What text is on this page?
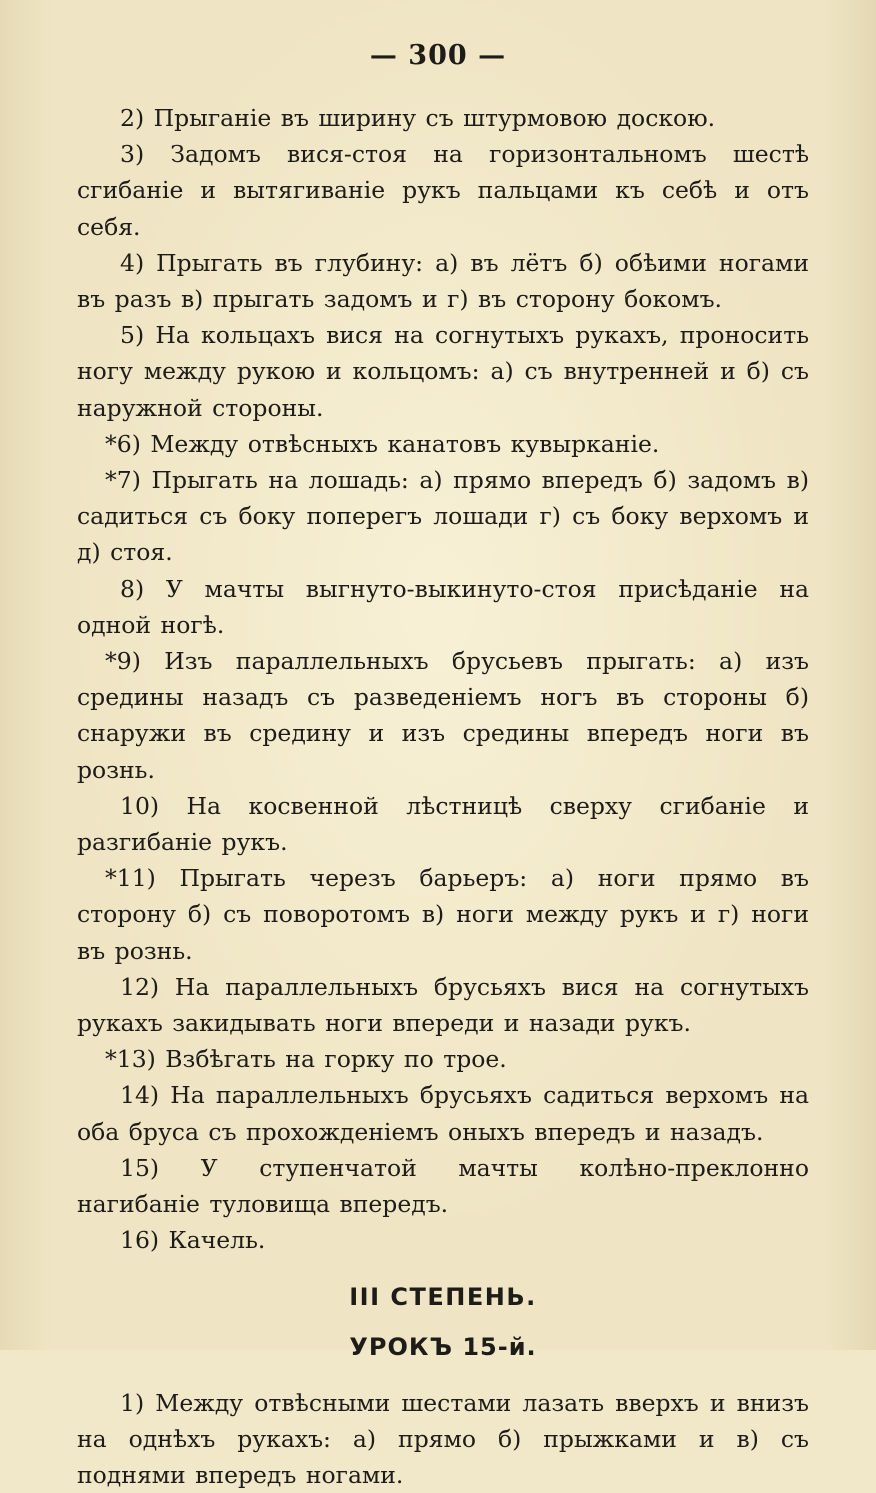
— 300 —

2) Прыганіе въ ширину съ штурмовою доскою.

3) Задомъ вися-стоя на горизонтальномъ шестѣ сгибаніе и вытягиваніе рукъ пальцами къ себѣ и отъ себя.

4) Прыгать въ глубину: а) въ лётъ б) обѣими ногами въ разъ в) прыгать задомъ и г) въ сторону бокомъ.

5) На кольцахъ вися на согнутыхъ рукахъ, проносить ногу между рукою и кольцомъ: а) съ внутренней и б) съ наружной стороны.

*6) Между отвѣсныхъ канатовъ кувырканіе.

*7) Прыгать на лошадь: а) прямо впередъ б) задомъ в) садиться съ боку поперегъ лошади г) съ боку верхомъ и д) стоя.

8) У мачты выгнуто-выкинуто-стоя присѣданіе на одной ногѣ.

*9) Изъ параллельныхъ брусьевъ прыгать: а) изъ средины назадъ съ разведеніемъ ногъ въ стороны б) снаружи въ средину и изъ средины впередъ ноги въ рознь.

10) На косвенной лѣстницѣ сверху сгибаніе и разгибаніе рукъ.

*11) Прыгать черезъ барьеръ: а) ноги прямо въ сторону б) съ поворотомъ в) ноги между рукъ и г) ноги въ рознь.

12) На параллельныхъ брусьяхъ вися на согнутыхъ рукахъ закидывать ноги впереди и назади рукъ.

*13) Взбѣгать на горку по трое.

14) На параллельныхъ брусьяхъ садиться верхомъ на оба бруса съ прохожденіемъ оныхъ впередъ и назадъ.

15) У ступенчатой мачты колѣно-преклонно нагибаніе туловища впередъ.

16) Качель.

III СТЕПЕНЬ.
УРОКЪ 15-й.

1) Между отвѣсными шестами лазать вверхъ и внизъ на однѣхъ рукахъ: а) прямо б) прыжками и в) съ поднями впередъ ногами.
